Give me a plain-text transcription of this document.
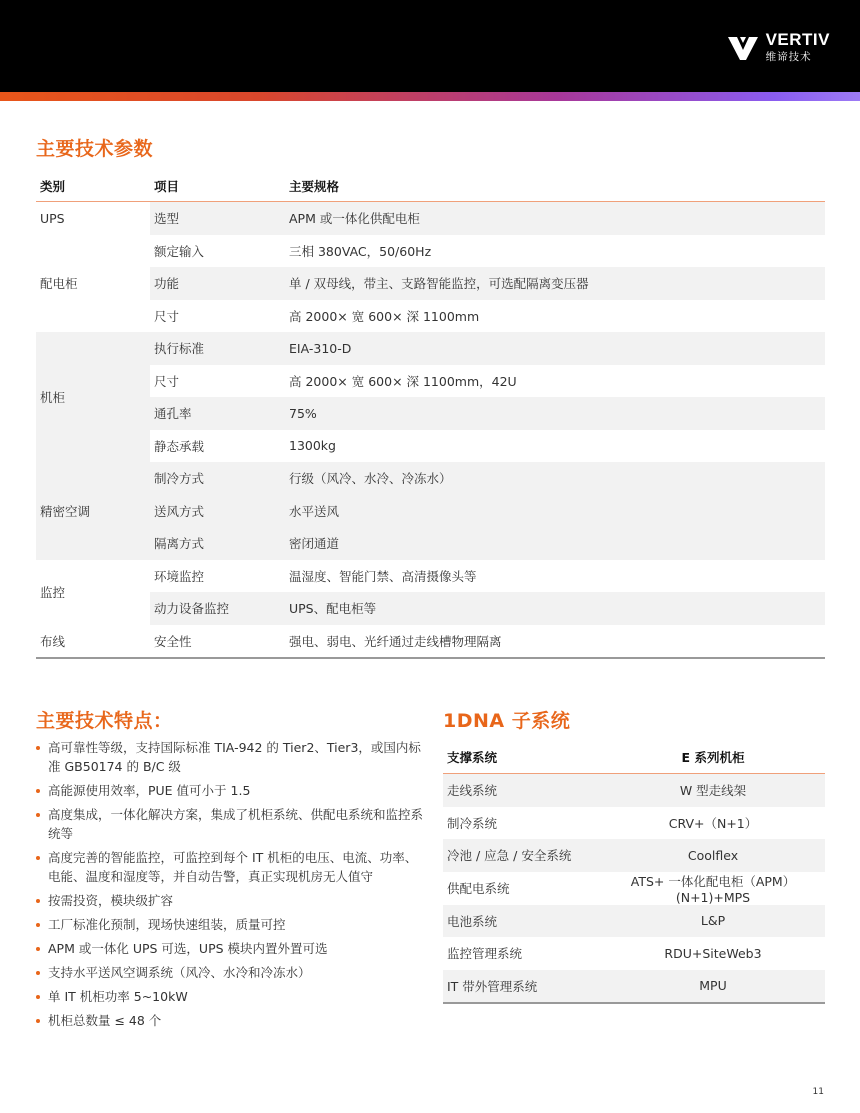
VERTIV
维谛技术
主要技术参数
类别	项目	主要规格
UPS	选型	APM 或一体化供配电柜
配电柜	额定输入	三相 380VAC，50/60Hz
	功能	单 / 双母线，带主、支路智能监控，可选配隔离变压器
	尺寸	高 2000× 宽 600× 深 1100mm
机柜	执行标准	EIA-310-D
	尺寸	高 2000× 宽 600× 深 1100mm，42U
	通孔率	75%
	静态承载	1300kg
精密空调	制冷方式	行级（风冷、水冷、冷冻水）
	送风方式	水平送风
	隔离方式	密闭通道
监控	环境监控	温湿度、智能门禁、高清摄像头等
	动力设备监控	UPS、配电柜等
布线	安全性	强电、弱电、光纤通过走线槽物理隔离
主要技术特点：
高可靠性等级，支持国际标准 TIA-942 的 Tier2、Tier3，或国内标准 GB50174 的 B/C 级
高能源使用效率，PUE 值可小于 1.5
高度集成，一体化解决方案，集成了机柜系统、供配电系统和监控系统等
高度完善的智能监控，可监控到每个 IT 机柜的电压、电流、功率、电能、温度和湿度等，并自动告警，真正实现机房无人值守
按需投资，模块级扩容
工厂标准化预制，现场快速组装，质量可控
APM 或一体化 UPS 可选，UPS 模块内置外置可选
支持水平送风空调系统（风冷、水冷和冷冻水）
单 IT 机柜功率 5~10kW
机柜总数量 ≤ 48 个
1DNA 子系统
支撑系统	E 系列机柜
走线系统	W 型走线架
制冷系统	CRV+（N+1）
冷池 / 应急 / 安全系统	Coolflex
供配电系统	ATS+ 一体化配电柜（APM）(N+1)+MPS
电池系统	L&P
监控管理系统	RDU+SiteWeb3
IT 带外管理系统	MPU
11
